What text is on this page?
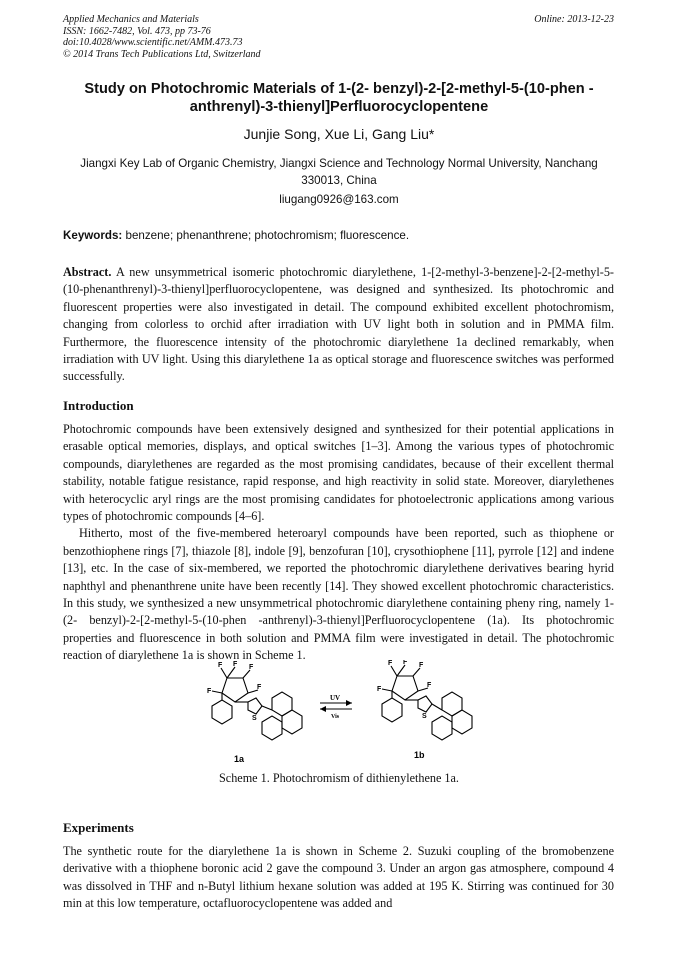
Applied Mechanics and Materials
ISSN: 1662-7482, Vol. 473, pp 73-76
doi:10.4028/www.scientific.net/AMM.473.73
© 2014 Trans Tech Publications Ltd, Switzerland
Online: 2013-12-23
Study on Photochromic Materials of 1-(2- benzyl)-2-[2-methyl-5-(10-phen -anthrenyl)-3-thienyl]Perfluorocyclopentene
Junjie Song, Xue Li, Gang Liu*
Jiangxi Key Lab of Organic Chemistry, Jiangxi Science and Technology Normal University, Nanchang 330013, China
liugang0926@163.com
Keywords: benzene; phenanthrene; photochromism; fluorescence.

Abstract. A new unsymmetrical isomeric photochromic diarylethene, 1-[2-methyl-3-benzene]-2-[2-methyl-5-(10-phenanthrenyl)-3-thienyl]perfluorocyclopentene, was designed and synthesized. Its photochromic and fluorescent properties were also investigated in detail. The compound exhibited excellent photochromism, changing from colorless to orchid after irradiation with UV light both in solution and in PMMA film. Furthermore, the fluorescence intensity of the photochromic diarylethene 1a declined remarkably, when irradiation with UV light. Using this diarylethene 1a as optical storage and fluorescence switches was performed successfully.

Introduction

Photochromic compounds have been extensively designed and synthesized for their potential applications in erasable optical memories, displays, and optical switches [1–3]. Among the various types of photochromic compounds, diarylethenes are regarded as the most promising candidates, because of their excellent thermal stability, notable fatigue resistance, rapid response, and high reactivity in solid state. Moreover, diarylethenes with heterocyclic aryl rings are the most promising candidates for photoelectronic applications among various types of photochromic compounds [4–6].

Hitherto, most of the five-membered heteroaryl compounds have been reported, such as thiophene or benzothiophene rings [7], thiazole [8], indole [9], benzofuran [10], crysothiophene [11], pyrrole [12] and indene [13], etc. In the case of six-membered, we reported the photochromic diarylethene derivatives bearing hyrid naphthyl and phenanthrene unite have been recently [14]. They showed excellent photochromic characteristics. In this study, we synthesized a new unsymmetrical photochromic diarylethene containing pheny ring, namely 1-(2- benzyl)-2-[2-methyl-5-(10-phen -anthrenyl)-3-thienyl]Perfluorocyclopentene (1a). Its photochromic properties and fluorescence in both solution and PMMA film were investigated in detail. The photochromic reaction of diarylethene 1a is shown in Scheme 1.

F F F
F
F
S
1a
UV
Vis
F F F
F
F
S
1b
Scheme 1. Photochromism of dithienylethene 1a.
Experiments

The synthetic route for the diarylethene 1a is shown in Scheme 2. Suzuki coupling of the bromobenzene derivative with a thiophene boronic acid 2 gave the compound 3. Under an argon gas atmosphere, compound 4 was dissolved in THF and n-Butyl lithium hexane solution was added at 195 K. Stirring was continued for 30 min at this low temperature, octafluorocyclopentene was added and
